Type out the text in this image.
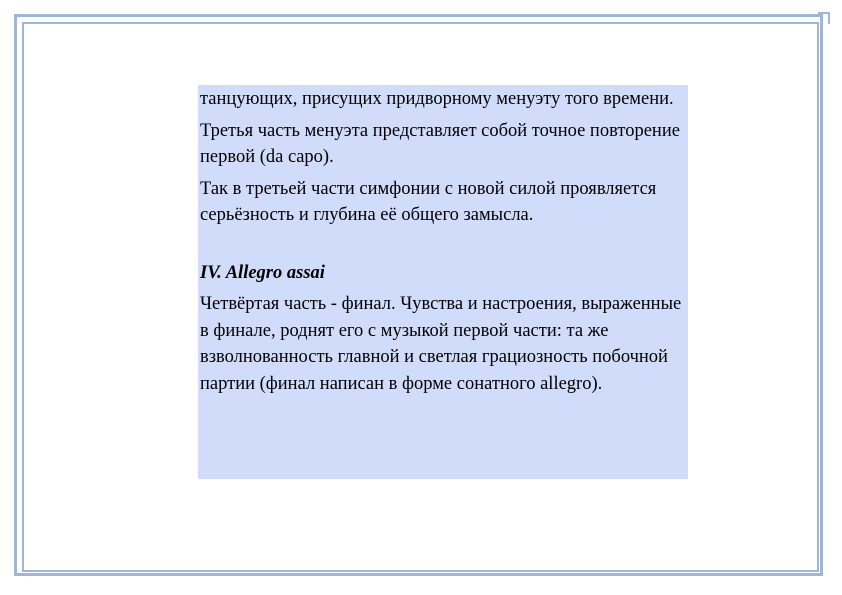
танцующих, присущих придворному менуэту того времени.

Третья часть менуэта представляет собой точное повторение первой (da capo).

Так в третьей части симфонии с новой силой проявляется серьёзность и глубина её общего замысла.

IV. Allegro assai

Четвёртая часть - финал. Чувства и настроения, выраженные в финале, роднят его с музыкой первой части: та же взволнованность главной и светлая грациозность побочной партии (финал написан в форме сонатного allegro).
